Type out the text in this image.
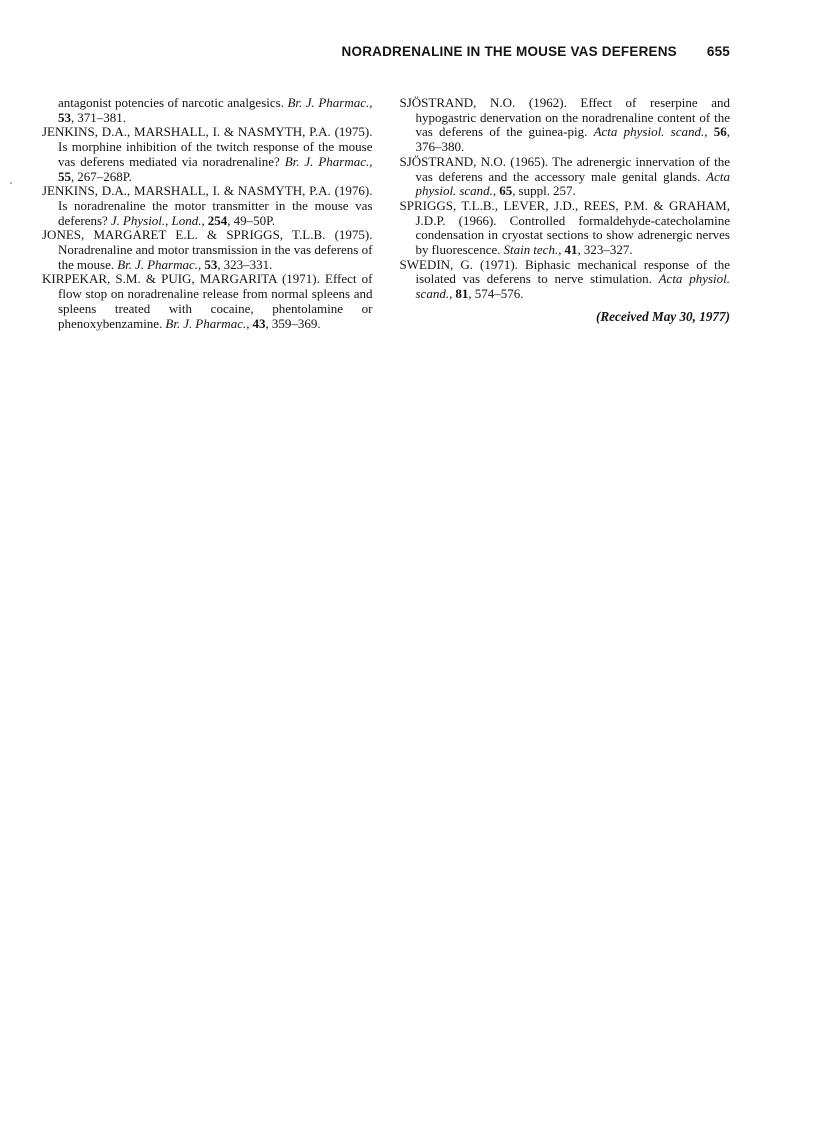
NORADRENALINE IN THE MOUSE VAS DEFERENS 655

antagonist potencies of narcotic analgesics. Br. J. Pharmac., 53, 371–381.

JENKINS, D.A., MARSHALL, I. & NASMYTH, P.A. (1975). Is morphine inhibition of the twitch response of the mouse vas deferens mediated via noradrenaline? Br. J. Pharmac., 55, 267–268P.

JENKINS, D.A., MARSHALL, I. & NASMYTH, P.A. (1976). Is noradrenaline the motor transmitter in the mouse vas deferens? J. Physiol., Lond., 254, 49–50P.

JONES, MARGARET E.L. & SPRIGGS, T.L.B. (1975). Noradrenaline and motor transmission in the vas deferens of the mouse. Br. J. Pharmac., 53, 323–331.

KIRPEKAR, S.M. & PUIG, MARGARITA (1971). Effect of flow stop on noradrenaline release from normal spleens and spleens treated with cocaine, phentolamine or phenoxybenzamine. Br. J. Pharmac., 43, 359–369.

SJÖSTRAND, N.O. (1962). Effect of reserpine and hypogastric denervation on the noradrenaline content of the vas deferens of the guinea-pig. Acta physiol. scand., 56, 376–380.

SJÖSTRAND, N.O. (1965). The adrenergic innervation of the vas deferens and the accessory male genital glands. Acta physiol. scand., 65, suppl. 257.

SPRIGGS, T.L.B., LEVER, J.D., REES, P.M. & GRAHAM, J.D.P. (1966). Controlled formaldehyde-catecholamine condensation in cryostat sections to show adrenergic nerves by fluorescence. Stain tech., 41, 323–327.

SWEDIN, G. (1971). Biphasic mechanical response of the isolated vas deferens to nerve stimulation. Acta physiol. scand., 81, 574–576.

(Received May 30, 1977)
